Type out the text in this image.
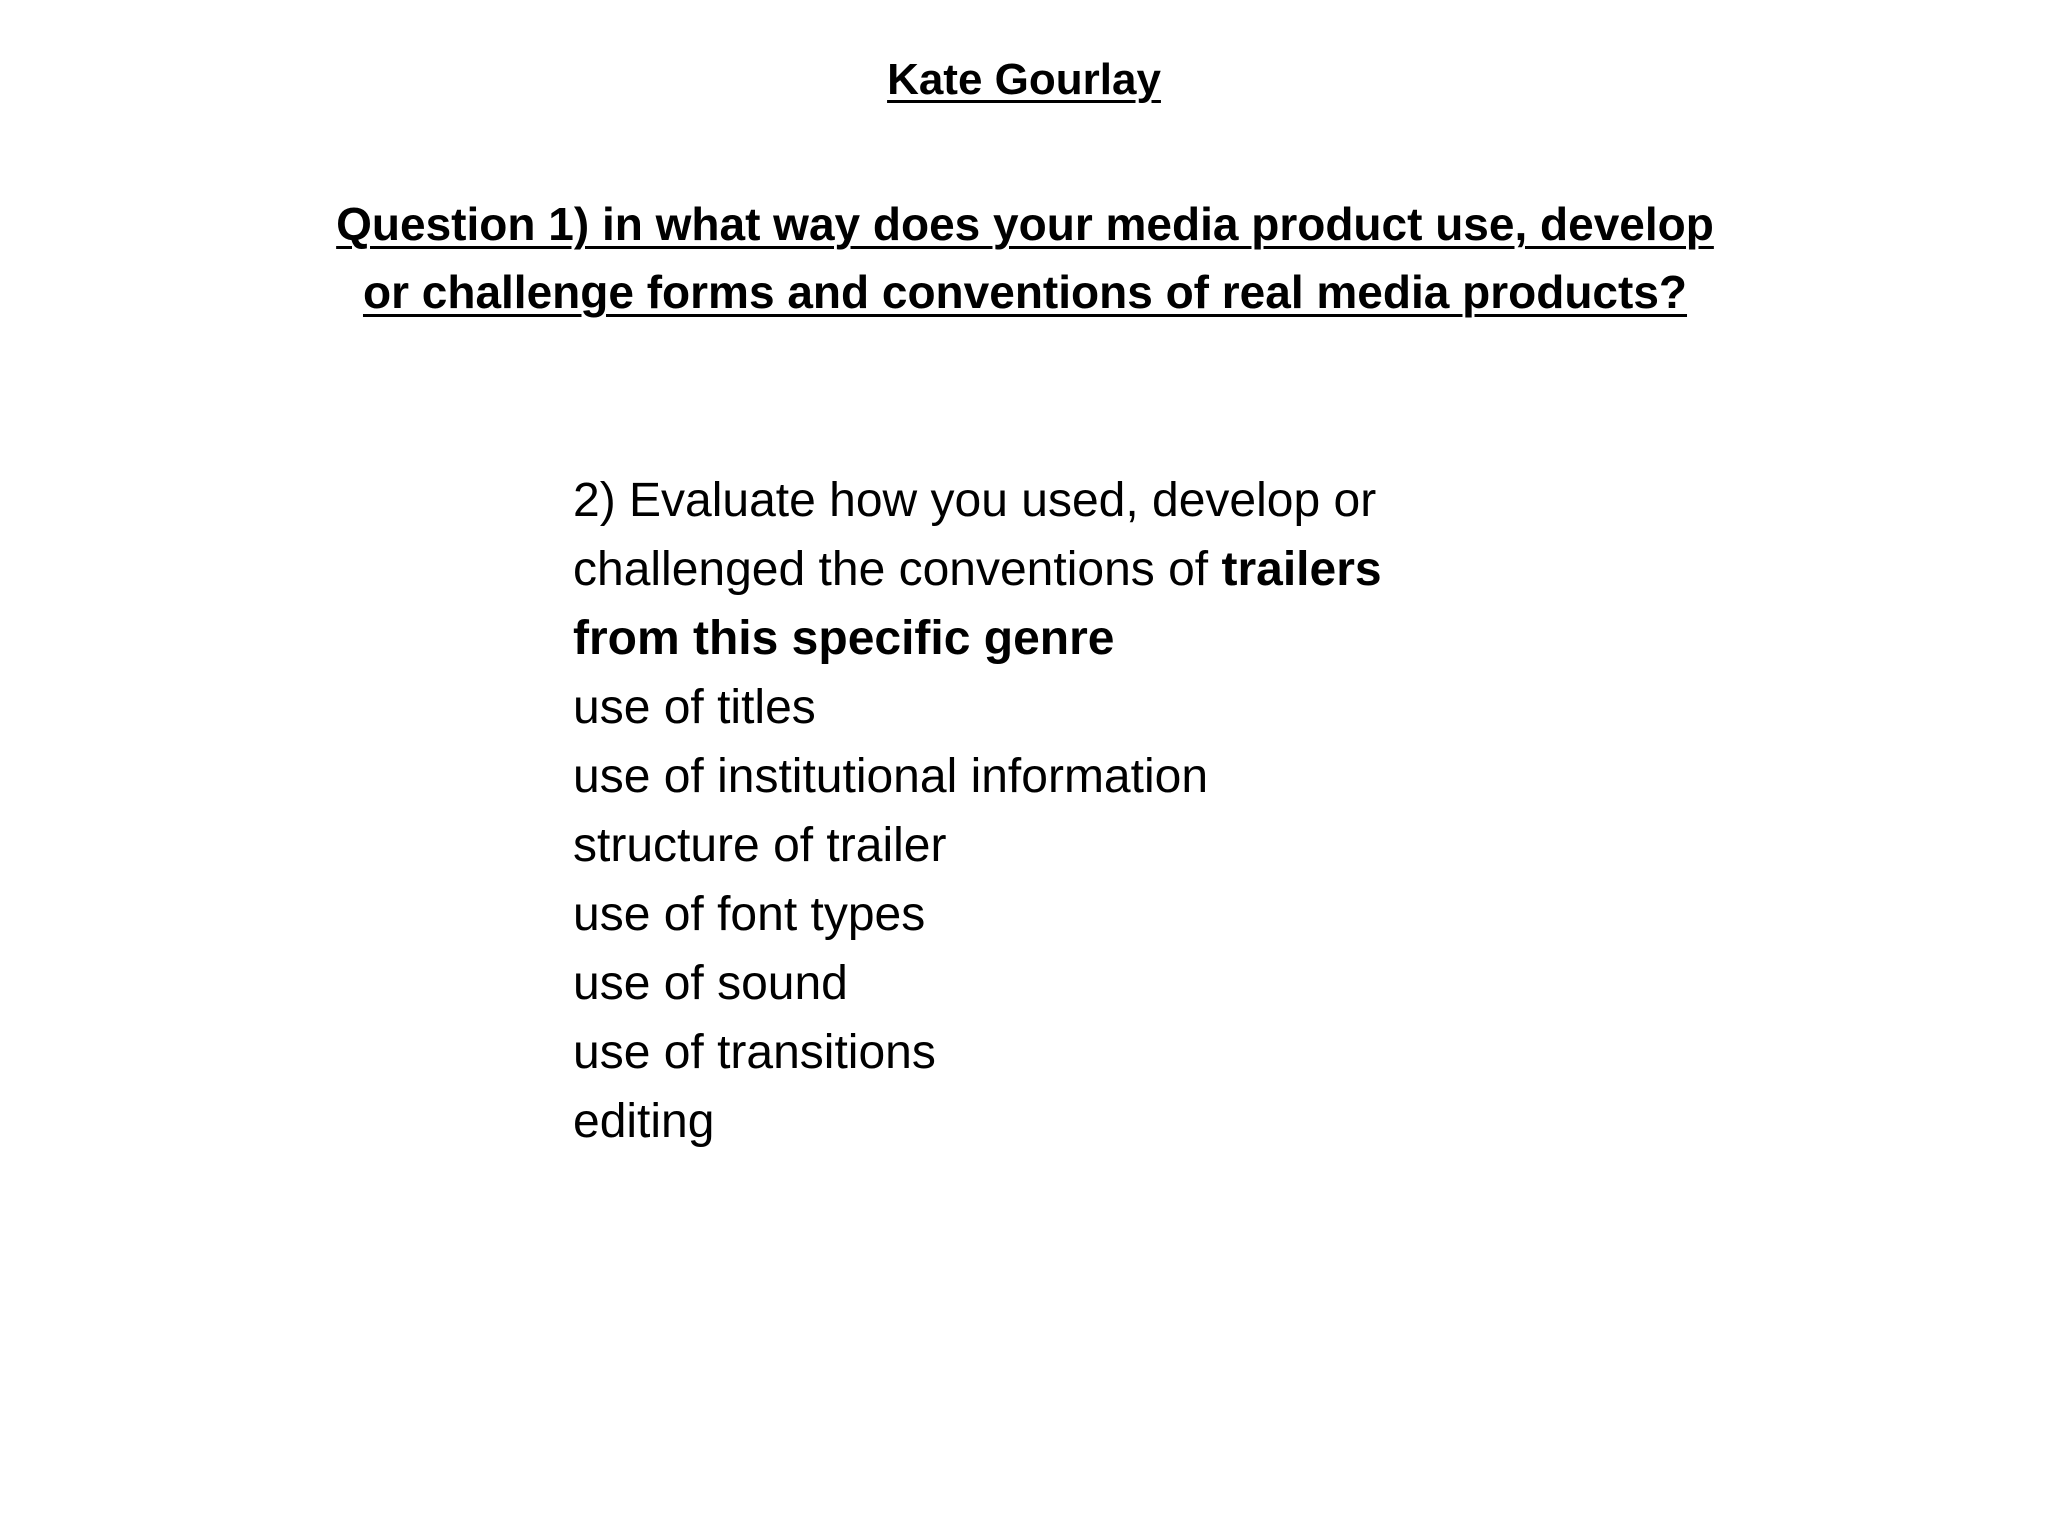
Kate Gourlay
Question 1) in what way does your media product use, develop
or challenge forms and conventions of real media products?
2) Evaluate how you used, develop or
challenged the conventions of trailers
from this specific genre
use of titles
use of institutional information
structure of trailer
use of font types
use of sound
use of transitions
editing
